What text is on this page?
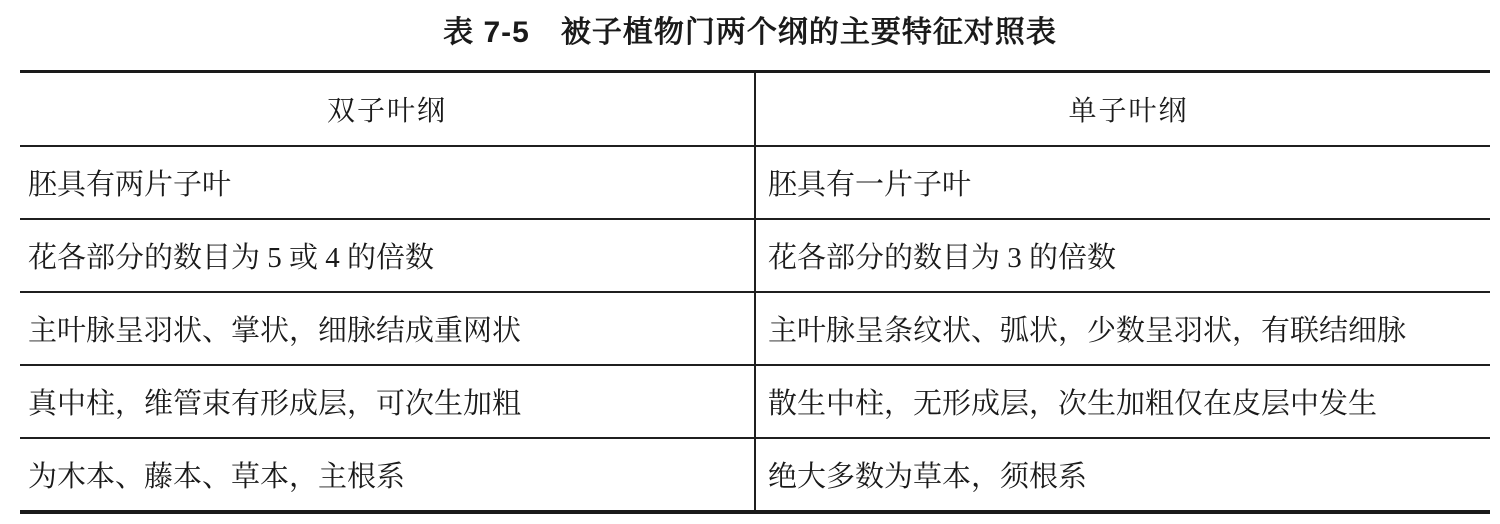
表 7-5　被子植物门两个纲的主要特征对照表
双子叶纲	单子叶纲
胚具有两片子叶	胚具有一片子叶
花各部分的数目为 5 或 4 的倍数	花各部分的数目为 3 的倍数
主叶脉呈羽状、掌状，细脉结成重网状	主叶脉呈条纹状、弧状，少数呈羽状，有联结细脉
真中柱，维管束有形成层，可次生加粗	散生中柱，无形成层，次生加粗仅在皮层中发生
为木本、藤本、草本，主根系	绝大多数为草本，须根系
